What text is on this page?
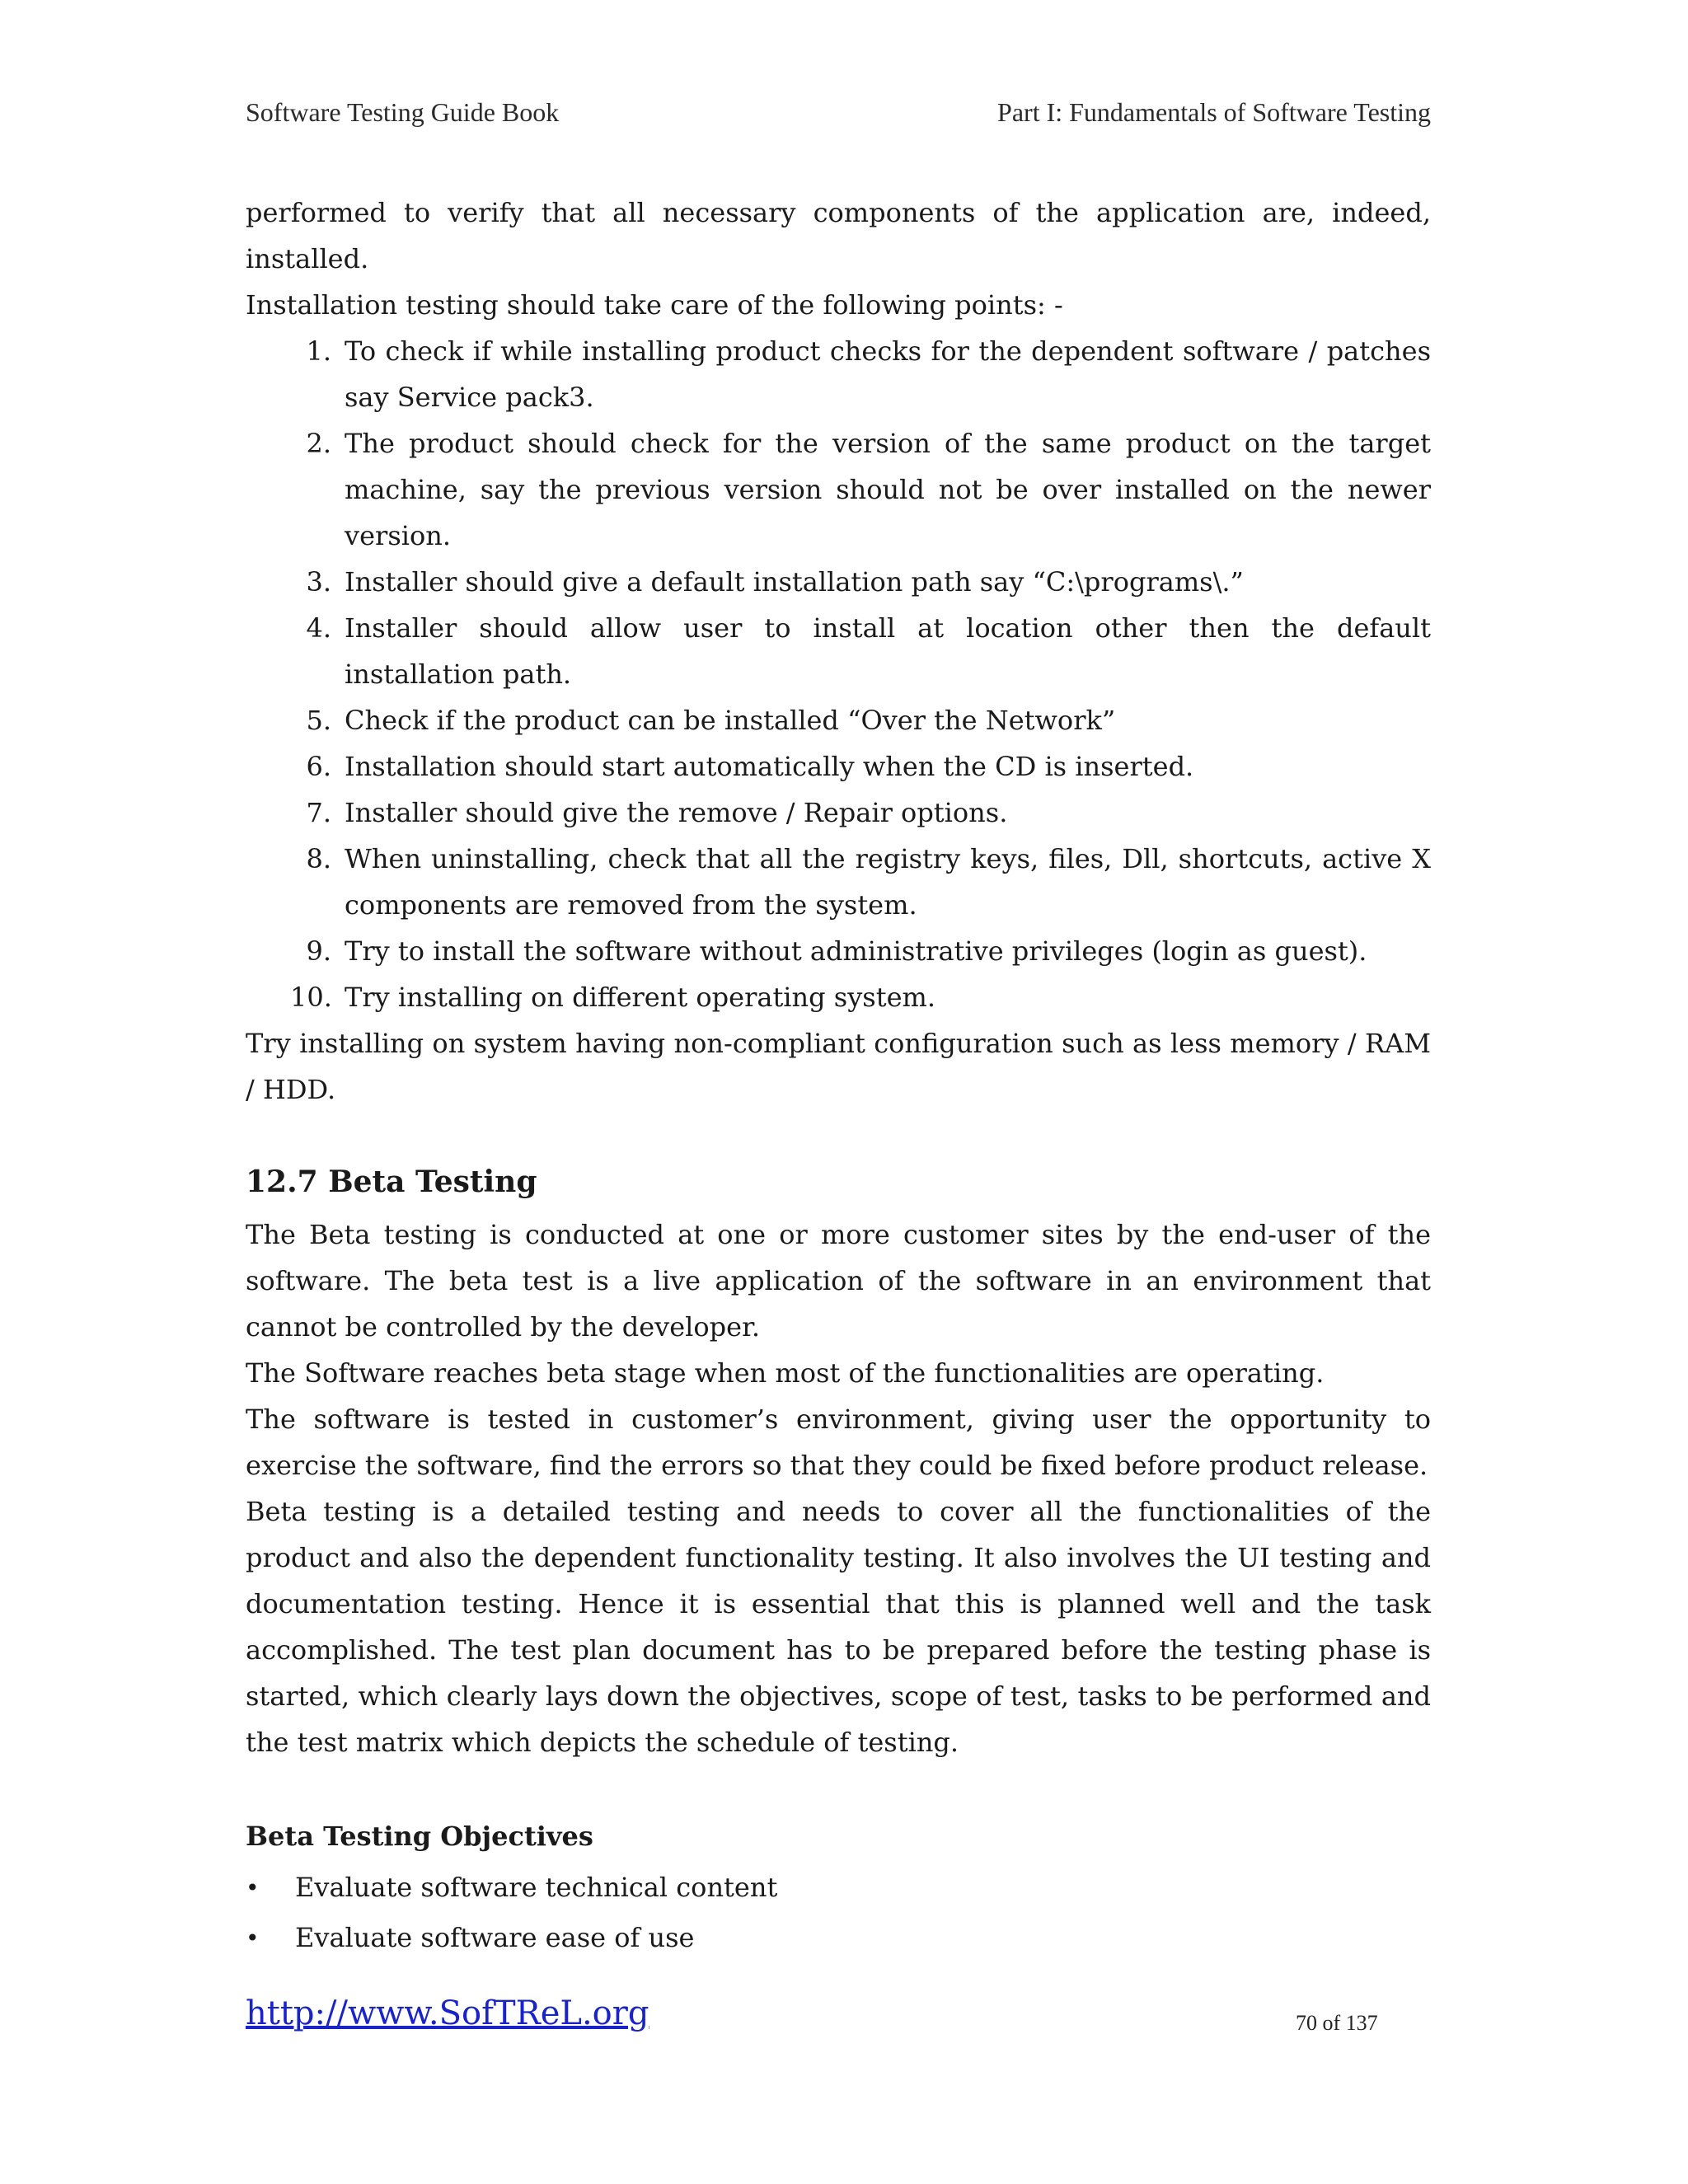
Software Testing Guide Book	Part I: Fundamentals of Software Testing

performed to verify that all necessary components of the application are, indeed, installed.

Installation testing should take care of the following points: -

1. To check if while installing product checks for the dependent software / patches say Service pack3.
2. The product should check for the version of the same product on the target machine, say the previous version should not be over installed on the newer version.
3. Installer should give a default installation path say “C:\programs\.”
4. Installer should allow user to install at location other then the default installation path.
5. Check if the product can be installed “Over the Network”
6. Installation should start automatically when the CD is inserted.
7. Installer should give the remove / Repair options.
8. When uninstalling, check that all the registry keys, files, Dll, shortcuts, active X components are removed from the system.
9. Try to install the software without administrative privileges (login as guest).
10. Try installing on different operating system.

Try installing on system having non-compliant configuration such as less memory / RAM / HDD.

12.7 Beta Testing

The Beta testing is conducted at one or more customer sites by the end-user of the software. The beta test is a live application of the software in an environment that cannot be controlled by the developer.

The Software reaches beta stage when most of the functionalities are operating.

The software is tested in customer’s environment, giving user the opportunity to exercise the software, find the errors so that they could be fixed before product release.

Beta testing is a detailed testing and needs to cover all the functionalities of the product and also the dependent functionality testing. It also involves the UI testing and documentation testing. Hence it is essential that this is planned well and the task accomplished. The test plan document has to be prepared before the testing phase is started, which clearly lays down the objectives, scope of test, tasks to be performed and the test matrix which depicts the schedule of testing.

Beta Testing Objectives
• Evaluate software technical content
• Evaluate software ease of use
http://www.SofTReL.org	70 of 137
